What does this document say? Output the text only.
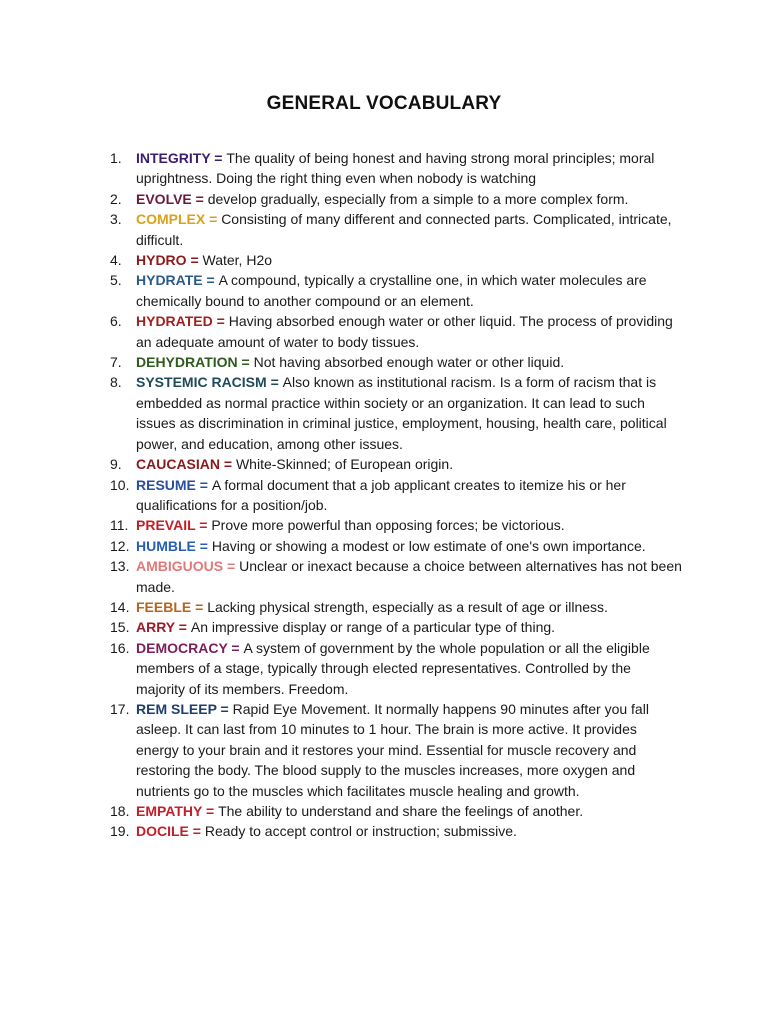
GENERAL VOCABULARY
1. INTEGRITY = The quality of being honest and having strong moral principles; moral uprightness. Doing the right thing even when nobody is watching
2. EVOLVE = develop gradually, especially from a simple to a more complex form.
3. COMPLEX = Consisting of many different and connected parts. Complicated, intricate, difficult.
4. HYDRO = Water, H2o
5. HYDRATE = A compound, typically a crystalline one, in which water molecules are chemically bound to another compound or an element.
6. HYDRATED = Having absorbed enough water or other liquid. The process of providing an adequate amount of water to body tissues.
7. DEHYDRATION = Not having absorbed enough water or other liquid.
8. SYSTEMIC RACISM = Also known as institutional racism. Is a form of racism that is embedded as normal practice within society or an organization. It can lead to such issues as discrimination in criminal justice, employment, housing, health care, political power, and education, among other issues.
9. CAUCASIAN = White-Skinned; of European origin.
10. RESUME = A formal document that a job applicant creates to itemize his or her qualifications for a position/job.
11. PREVAIL = Prove more powerful than opposing forces; be victorious.
12. HUMBLE = Having or showing a modest or low estimate of one's own importance.
13. AMBIGUOUS = Unclear or inexact because a choice between alternatives has not been made.
14. FEEBLE = Lacking physical strength, especially as a result of age or illness.
15. ARRY = An impressive display or range of a particular type of thing.
16. DEMOCRACY = A system of government by the whole population or all the eligible members of a stage, typically through elected representatives. Controlled by the majority of its members. Freedom.
17. REM SLEEP = Rapid Eye Movement. It normally happens 90 minutes after you fall asleep. It can last from 10 minutes to 1 hour. The brain is more active. It provides energy to your brain and it restores your mind. Essential for muscle recovery and restoring the body. The blood supply to the muscles increases, more oxygen and nutrients go to the muscles which facilitates muscle healing and growth.
18. EMPATHY = The ability to understand and share the feelings of another.
19. DOCILE = Ready to accept control or instruction; submissive.
